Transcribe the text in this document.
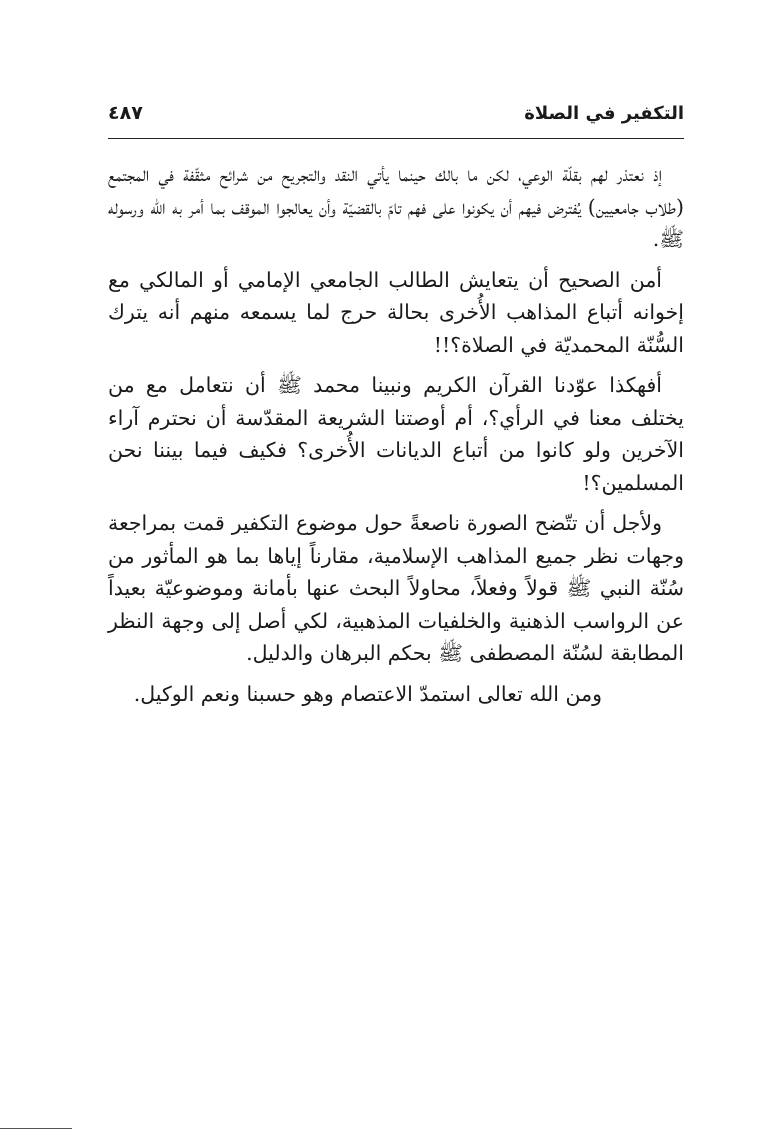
التكفير في الصلاة
٤٨٧

إذ نعتذر لهم بقلّة الوعي، لكن ما بالك حينما يأتي النقد والتجريح من شرائح مثقّفة في المجتمع (طلاب جامعيين) يُفترض فيهم أن يكونوا على فهم تامّ بالقضيّة وأن يعالجوا الموقف بما أمر به الله ورسوله ﷺ.

أمن الصحيح أن يتعايش الطالب الجامعي الإمامي أو المالكي مع إخوانه أتباع المذاهب الأُخرى بحالة حرج لما يسمعه منهم أنه يترك السُّنّة المحمديّة في الصلاة؟!!

أفهكذا عوّدنا القرآن الكريم ونبينا محمد ﷺ أن نتعامل مع من يختلف معنا في الرأي؟، أم أوصتنا الشريعة المقدّسة أن نحترم آراء الآخرين ولو كانوا من أتباع الديانات الأُخرى؟ فكيف فيما بيننا نحن المسلمين؟!

ولأجل أن تتّضح الصورة ناصعةً حول موضوع التكفير قمت بمراجعة وجهات نظر جميع المذاهب الإسلامية، مقارناً إياها بما هو المأثور من سُنّة النبي ﷺ قولاً وفعلاً، محاولاً البحث عنها بأمانة وموضوعيّة بعيداً عن الرواسب الذهنية والخلفيات المذهبية، لكي أصل إلى وجهة النظر المطابقة لسُنّة المصطفى ﷺ بحكم البرهان والدليل.

ومن الله تعالى استمدّ الاعتصام وهو حسبنا ونعم الوكيل.
